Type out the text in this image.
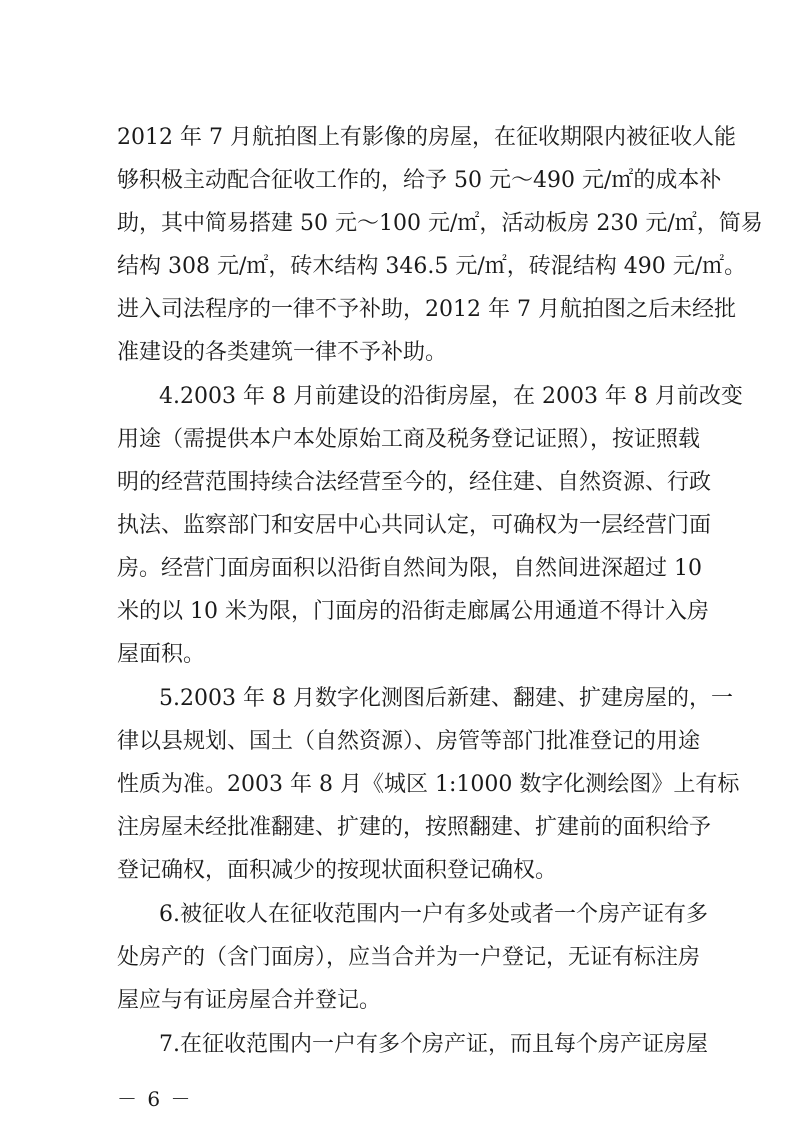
2012 年 7 月航拍图上有影像的房屋，在征收期限内被征收人能
够积极主动配合征收工作的，给予 50 元～490 元/㎡的成本补
助，其中简易搭建 50 元～100 元/㎡，活动板房 230 元/㎡，简易
结构 308 元/㎡，砖木结构 346.5 元/㎡，砖混结构 490 元/㎡。
进入司法程序的一律不予补助，2012 年 7 月航拍图之后未经批
准建设的各类建筑一律不予补助。
4.2003 年 8 月前建设的沿街房屋，在 2003 年 8 月前改变
用途（需提供本户本处原始工商及税务登记证照），按证照载
明的经营范围持续合法经营至今的，经住建、自然资源、行政
执法、监察部门和安居中心共同认定，可确权为一层经营门面
房。经营门面房面积以沿街自然间为限，自然间进深超过 10
米的以 10 米为限，门面房的沿街走廊属公用通道不得计入房
屋面积。
5.2003 年 8 月数字化测图后新建、翻建、扩建房屋的，一
律以县规划、国土（自然资源）、房管等部门批准登记的用途
性质为准。2003 年 8 月《城区 1:1000 数字化测绘图》上有标
注房屋未经批准翻建、扩建的，按照翻建、扩建前的面积给予
登记确权，面积减少的按现状面积登记确权。
6.被征收人在征收范围内一户有多处或者一个房产证有多
处房产的（含门面房），应当合并为一户登记，无证有标注房
屋应与有证房屋合并登记。
7.在征收范围内一户有多个房产证，而且每个房产证房屋
－ 6 －
